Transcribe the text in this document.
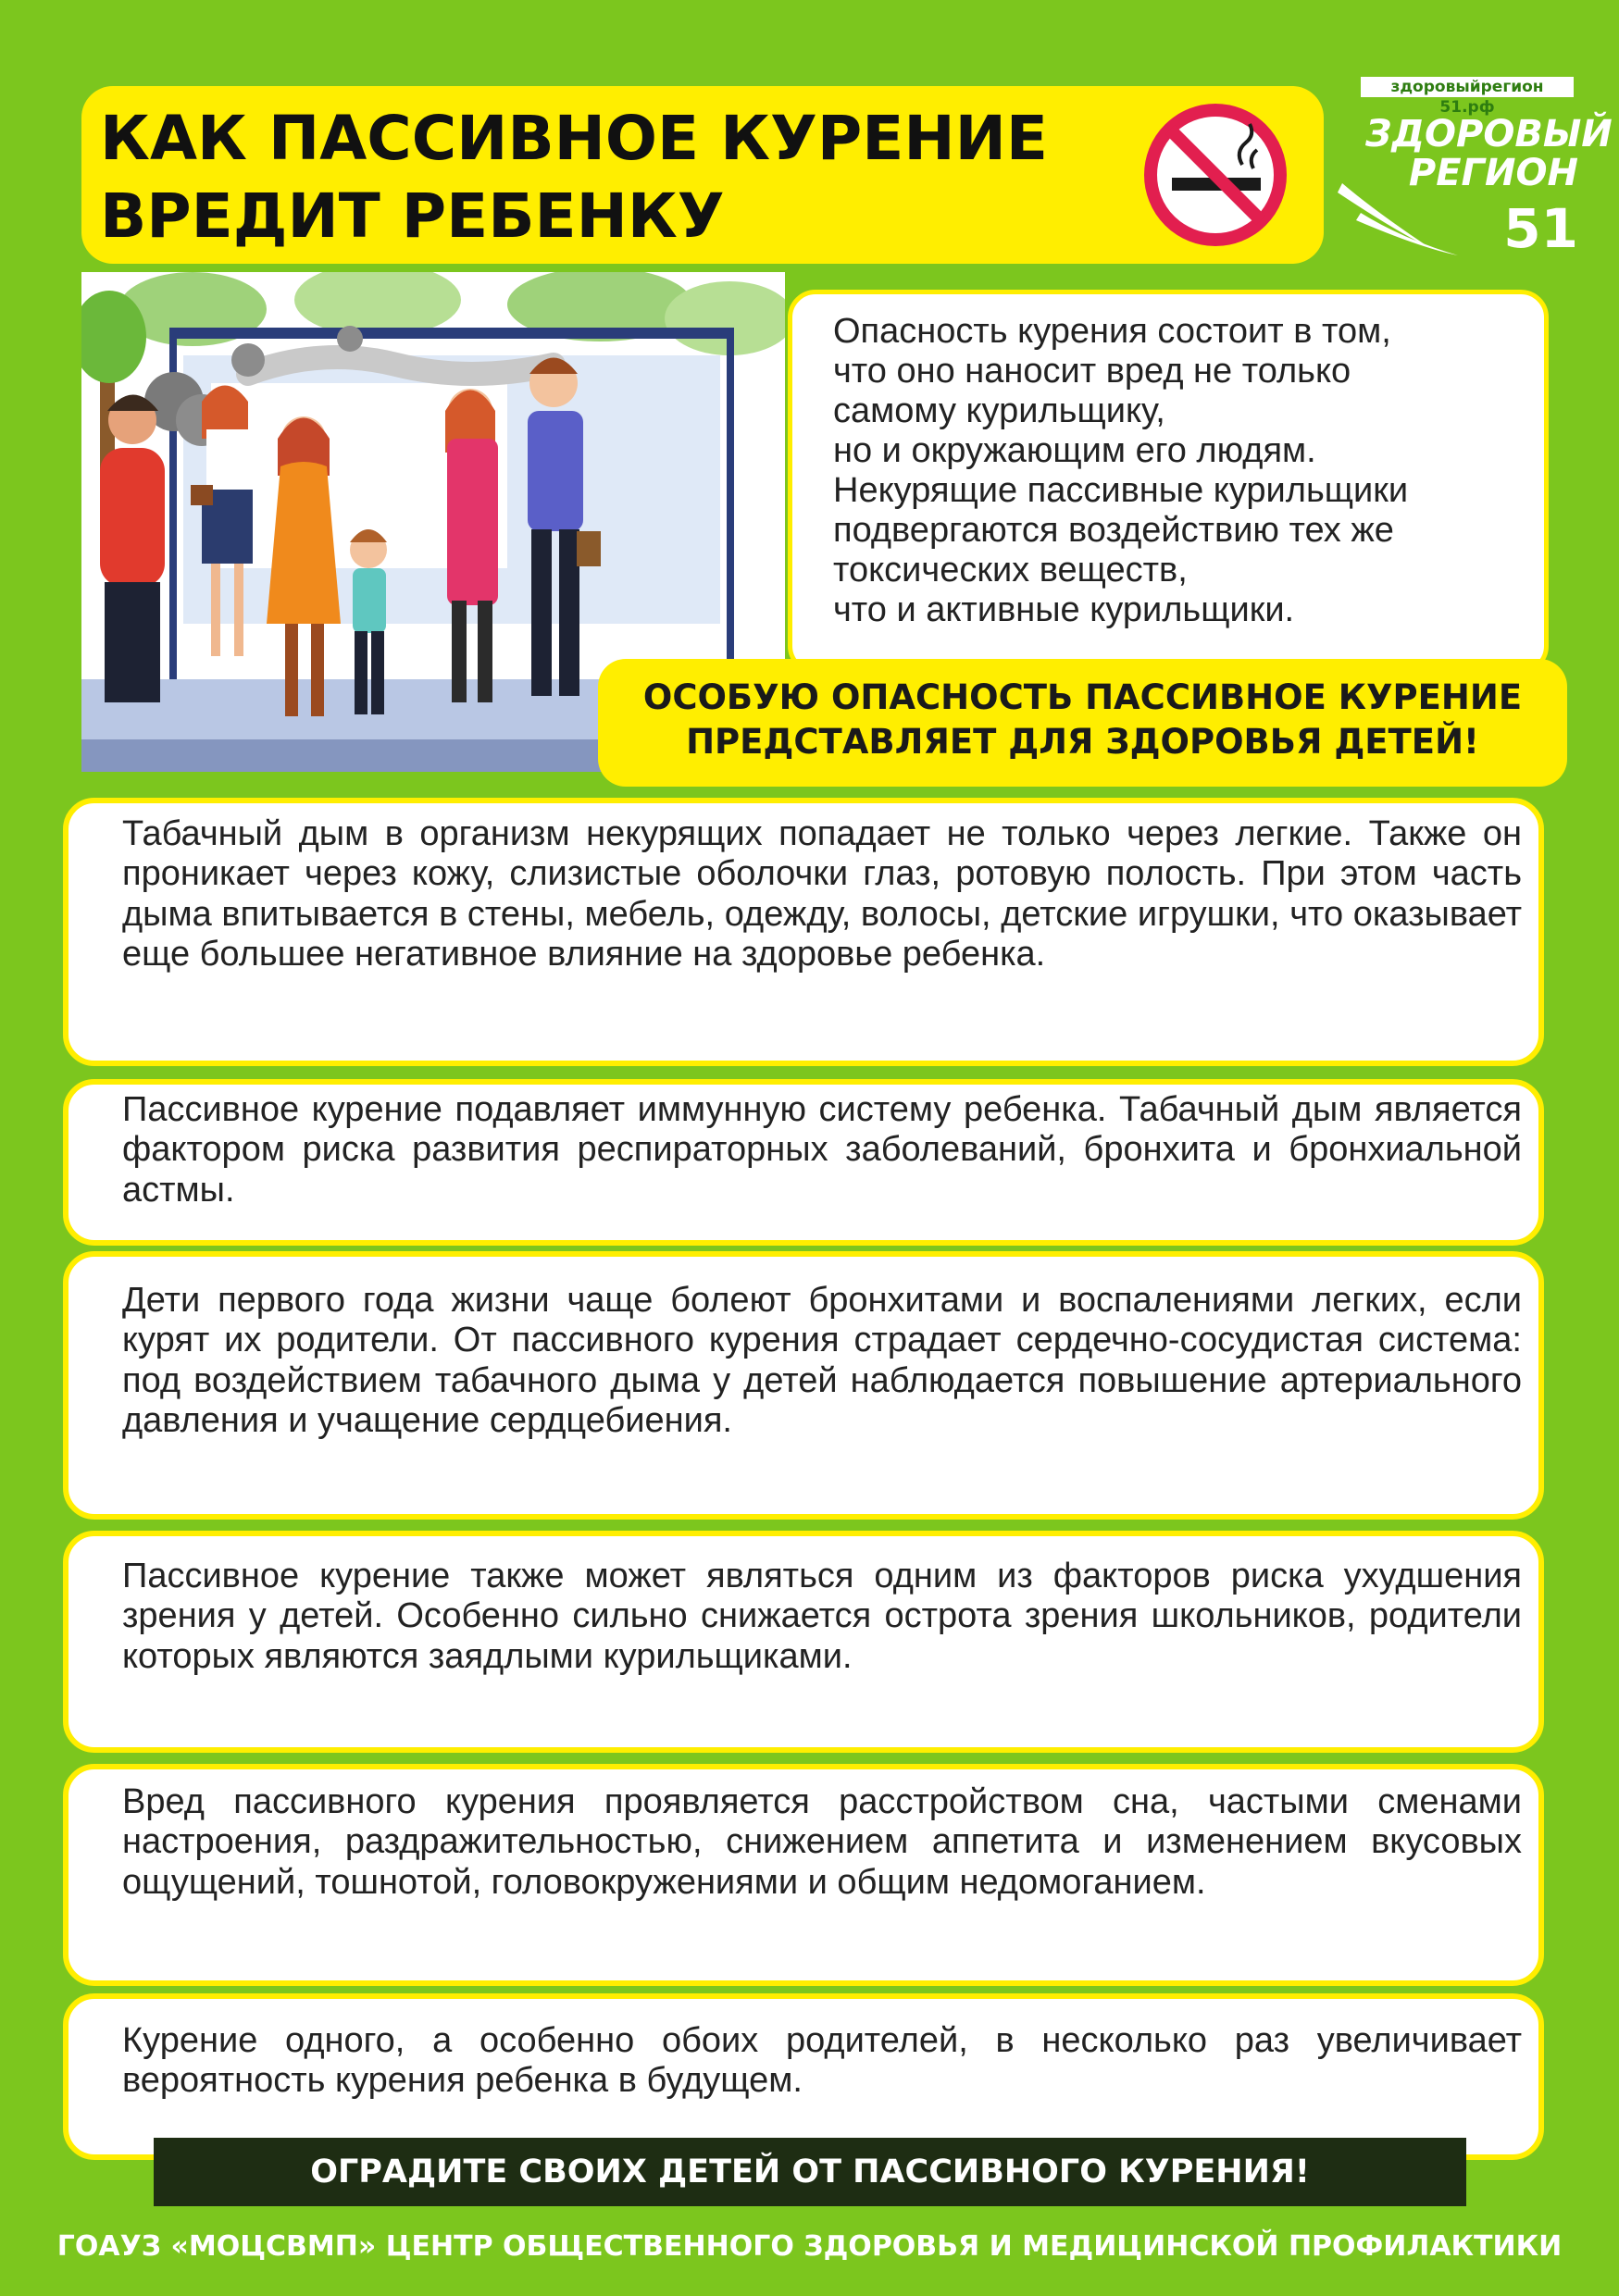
КАК ПАССИВНОЕ КУРЕНИЕ
ВРЕДИТ РЕБЕНКУ
здоровыйрегион 51.рф
ЗДОРОВЫЙ
РЕГИОН
51
Опасность курения состоит в том,
что оно наносит вред не только
самому курильщику,
но и окружающим его людям.
Некурящие пассивные курильщики
подвергаются воздействию тех же
токсических веществ,
что и активные курильщики.
ОСОБУЮ ОПАСНОСТЬ ПАССИВНОЕ КУРЕНИЕ
ПРЕДСТАВЛЯЕТ ДЛЯ ЗДОРОВЬЯ ДЕТЕЙ!
Табачный дым в организм некурящих попадает не только через легкие. Также он проникает через кожу, слизистые оболочки глаз, ротовую полость. При этом часть дыма впитывается в стены, мебель, одежду, волосы, детские игрушки, что оказывает еще большее негативное влияние на здоровье ребенка.
Пассивное курение подавляет иммунную систему ребенка. Табачный дым является фактором риска развития респираторных заболеваний, бронхита и бронхиальной астмы.
Дети первого года жизни чаще болеют бронхитами и воспалениями легких, если курят их родители. От пассивного курения страдает сердечно-сосудистая система: под воздействием табачного дыма у детей наблюдается повышение артериального давления и учащение сердцебиения.
Пассивное курение также может являться одним из факторов риска ухудшения зрения у детей. Особенно сильно снижается острота зрения школьников, родители которых являются заядлыми курильщиками.
Вред пассивного курения проявляется расстройством сна, частыми сменами настроения, раздражительностью, снижением аппетита и изменением вкусовых ощущений, тошнотой, головокружениями и общим недомоганием.
Курение одного, а особенно обоих родителей, в несколько раз увеличивает вероятность курения ребенка в будущем.
ОГРАДИТЕ СВОИХ ДЕТЕЙ ОТ ПАССИВНОГО КУРЕНИЯ!
ГОАУЗ «МОЦСВМП» ЦЕНТР ОБЩЕСТВЕННОГО ЗДОРОВЬЯ И МЕДИЦИНСКОЙ ПРОФИЛАКТИКИ
